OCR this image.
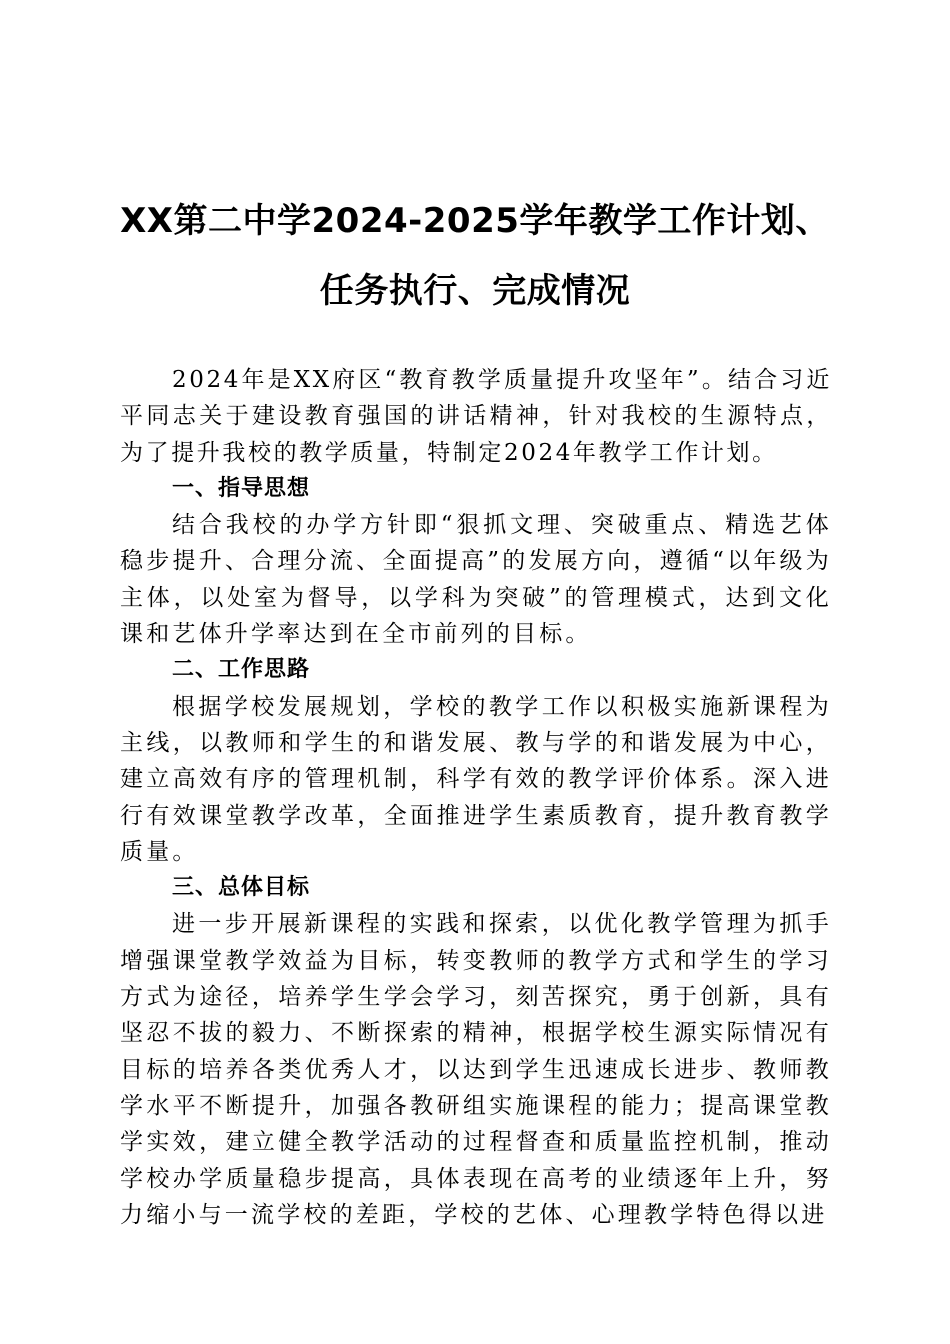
XX第二中学2024-2025学年教学工作计划、
任务执行、完成情况

2024年是XX府区“教育教学质量提升攻坚年”。结合习近平同志关于建设教育强国的讲话精神，针对我校的生源特点，为了提升我校的教学质量，特制定2024年教学工作计划。

一、指导思想

结合我校的办学方针即“狠抓文理、突破重点、精选艺体稳步提升、合理分流、全面提高”的发展方向，遵循“以年级为主体，以处室为督导，以学科为突破”的管理模式，达到文化课和艺体升学率达到在全市前列的目标。

二、工作思路

根据学校发展规划，学校的教学工作以积极实施新课程为主线，以教师和学生的和谐发展、教与学的和谐发展为中心，建立高效有序的管理机制，科学有效的教学评价体系。深入进行有效课堂教学改革，全面推进学生素质教育，提升教育教学质量。

三、总体目标

进一步开展新课程的实践和探索，以优化教学管理为抓手增强课堂教学效益为目标，转变教师的教学方式和学生的学习方式为途径，培养学生学会学习，刻苦探究，勇于创新，具有坚忍不拔的毅力、不断探索的精神，根据学校生源实际情况有目标的培养各类优秀人才，以达到学生迅速成长进步、教师教学水平不断提升，加强各教研组实施课程的能力；提高课堂教学实效，建立健全教学活动的过程督查和质量监控机制，推动学校办学质量稳步提高，具体表现在高考的业绩逐年上升，努力缩小与一流学校的差距，学校的艺体、心理教学特色得以进
